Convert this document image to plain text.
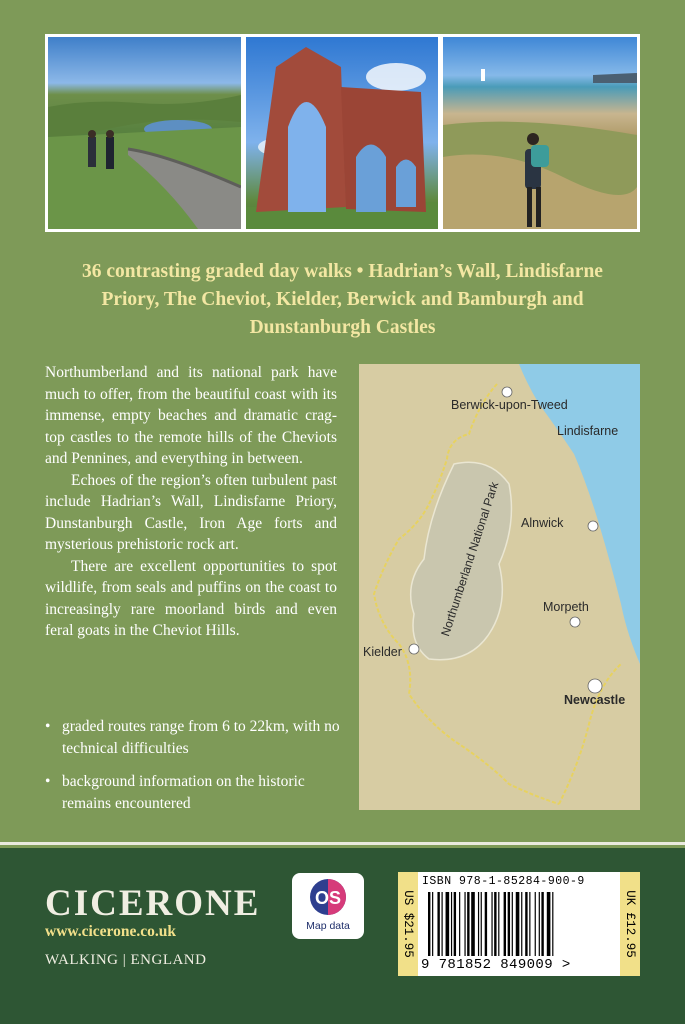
36 contrasting graded day walks • Hadrian’s Wall, Lindisfarne Priory, The Cheviot, Kielder, Berwick and Bamburgh and Dunstanburgh Castles

Northumberland and its national park have much to offer, from the beautiful coast with its immense, empty beaches and dramatic crag-top castles to the remote hills of the Cheviots and Pennines, and everything in between.

Echoes of the region’s often turbulent past include Hadrian’s Wall, Lindisfarne Priory, Dunstanburgh Castle, Iron Age forts and mysterious prehistoric rock art.

There are excellent opportunities to spot wildlife, from seals and puffins on the coast to increasingly rare moorland birds and even feral goats in the Cheviot Hills.

• graded routes range from 6 to 22km, with no technical difficulties
• background information on the historic remains encountered
Berwick-upon-Tweed
Lindisfarne
Alnwick
Morpeth
Kielder
Newcastle
Northumberland National Park
CICERONE
www.cicerone.co.uk
WALKING | ENGLAND
OS
Map data	US $21.95
ISBN 978-1-85284-900-9
9 781852 849009 >
UK £12.95
